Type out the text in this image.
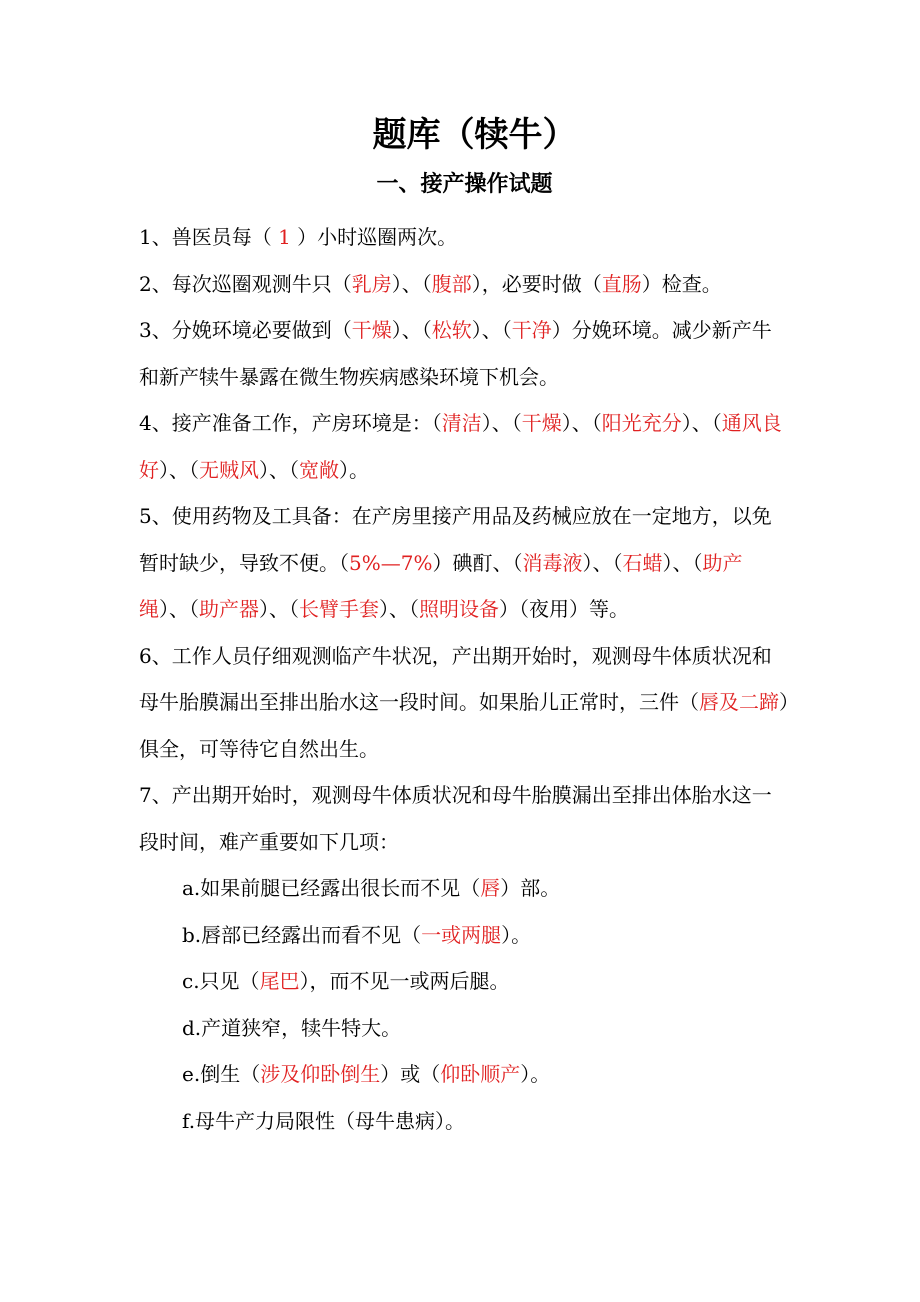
题库（犊牛）
一、接产操作试题

1、兽医员每（ 1 ）小时巡圈两次。

2、每次巡圈观测牛只（乳房）、（腹部），必要时做（直肠）检查。

3、分娩环境必要做到（干燥）、（松软）、（干净）分娩环境。减少新产牛和新产犊牛暴露在微生物疾病感染环境下机会。

4、接产准备工作，产房环境是：（清洁）、（干燥）、（阳光充分）、（通风良好）、（无贼风）、（宽敞）。

5、使用药物及工具备：在产房里接产用品及药械应放在一定地方，以免暂时缺少，导致不便。（5%—7%）碘酊、（消毒液）、（石蜡）、（助产绳）、（助产器）、（长臂手套）、（照明设备）（夜用）等。

6、工作人员仔细观测临产牛状况，产出期开始时，观测母牛体质状况和母牛胎膜漏出至排出胎水这一段时间。如果胎儿正常时，三件（唇及二蹄）俱全，可等待它自然出生。

7、产出期开始时，观测母牛体质状况和母牛胎膜漏出至排出体胎水这一段时间，难产重要如下几项：

a.如果前腿已经露出很长而不见（唇）部。

b.唇部已经露出而看不见（一或两腿）。

c.只见（尾巴），而不见一或两后腿。

d.产道狭窄，犊牛特大。

e.倒生（涉及仰卧倒生）或（仰卧顺产）。

f.母牛产力局限性（母牛患病）。
